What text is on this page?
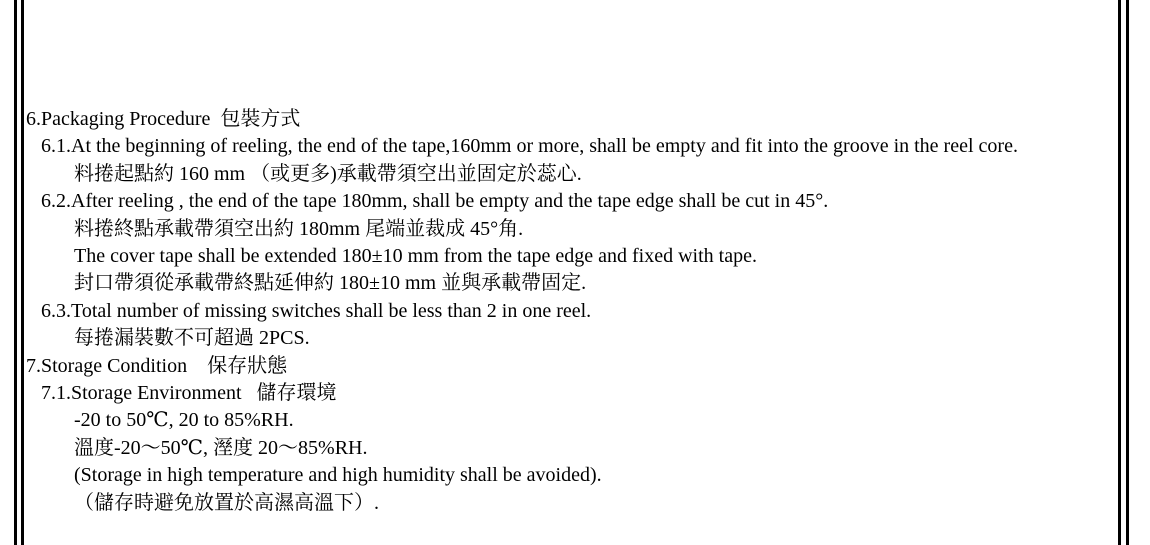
6.Packaging Procedure  包裝方式
6.1.At the beginning of reeling, the end of the tape,160mm or more, shall be empty and fit into the groove in the reel core.
料捲起點約 160 mm （或更多)承載帶須空出並固定於蕊心.
6.2.After reeling , the end of the tape 180mm, shall be empty and the tape edge shall be cut in 45°.
料捲終點承載帶須空出約 180mm 尾端並裁成 45°角.
The cover tape shall be extended 180±10 mm from the tape edge and fixed with tape.
封口帶須從承載帶終點延伸約 180±10 mm 並與承載帶固定.
6.3.Total number of missing switches shall be less than 2 in one reel.
每捲漏裝數不可超過 2PCS.
7.Storage Condition    保存狀態
7.1.Storage Environment   儲存環境
-20 to 50℃, 20 to 85%RH.
溫度-20～50℃, 溼度 20～85%RH.
(Storage in high temperature and high humidity shall be avoided).
（儲存時避免放置於高濕高溫下）.
